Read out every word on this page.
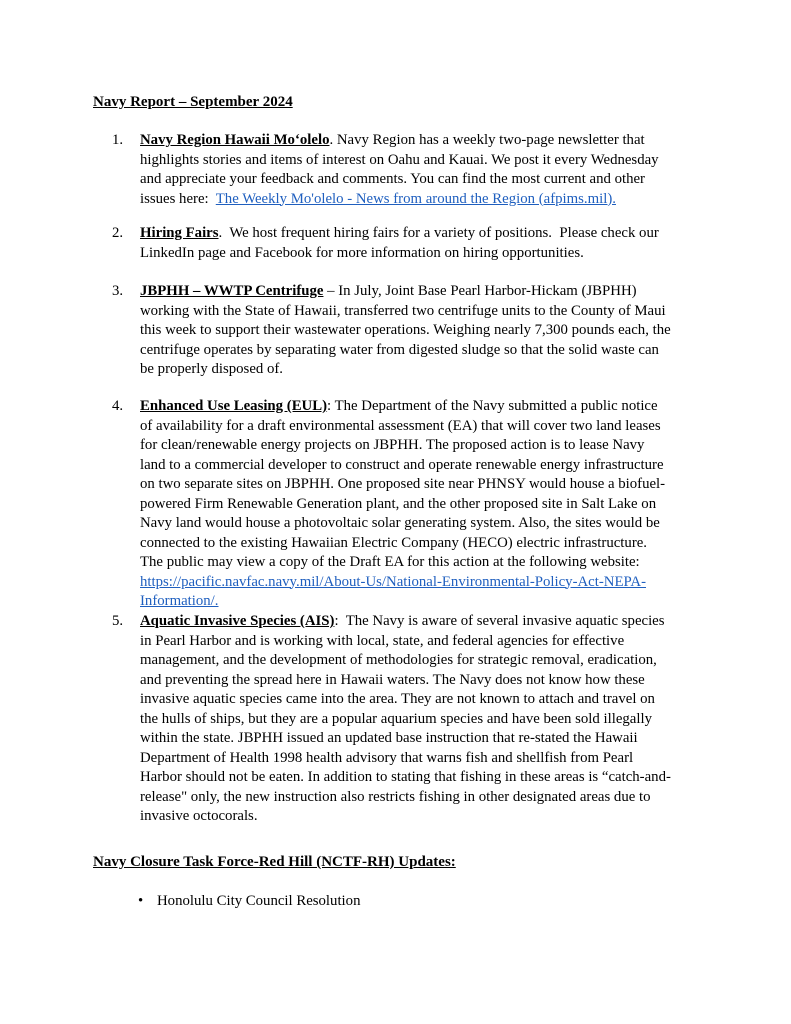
Navy Report – September 2024
1.	Navy Region Hawaii Mo‘olelo. Navy Region has a weekly two-page newsletter that
highlights stories and items of interest on Oahu and Kauai. We post it every Wednesday
and appreciate your feedback and comments. You can find the most current and other
issues here:  The Weekly Mo'olelo - News from around the Region (afpims.mil).
2.	Hiring Fairs.  We host frequent hiring fairs for a variety of positions.  Please check our
LinkedIn page and Facebook for more information on hiring opportunities.
3.	JBPHH – WWTP Centrifuge – In July, Joint Base Pearl Harbor-Hickam (JBPHH)
working with the State of Hawaii, transferred two centrifuge units to the County of Maui
this week to support their wastewater operations. Weighing nearly 7,300 pounds each, the
centrifuge operates by separating water from digested sludge so that the solid waste can
be properly disposed of.
4.	Enhanced Use Leasing (EUL): The Department of the Navy submitted a public notice
of availability for a draft environmental assessment (EA) that will cover two land leases
for clean/renewable energy projects on JBPHH. The proposed action is to lease Navy
land to a commercial developer to construct and operate renewable energy infrastructure
on two separate sites on JBPHH. One proposed site near PHNSY would house a biofuel-
powered Firm Renewable Generation plant, and the other proposed site in Salt Lake on
Navy land would house a photovoltaic solar generating system. Also, the sites would be
connected to the existing Hawaiian Electric Company (HECO) electric infrastructure.
The public may view a copy of the Draft EA for this action at the following website:
https://pacific.navfac.navy.mil/About-Us/National-Environmental-Policy-Act-NEPA-
Information/.
5.	Aquatic Invasive Species (AIS):  The Navy is aware of several invasive aquatic species
in Pearl Harbor and is working with local, state, and federal agencies for effective
management, and the development of methodologies for strategic removal, eradication,
and preventing the spread here in Hawaii waters. The Navy does not know how these
invasive aquatic species came into the area. They are not known to attach and travel on
the hulls of ships, but they are a popular aquarium species and have been sold illegally
within the state. JBPHH issued an updated base instruction that re-stated the Hawaii
Department of Health 1998 health advisory that warns fish and shellfish from Pearl
Harbor should not be eaten. In addition to stating that fishing in these areas is “catch-and-
release" only, the new instruction also restricts fishing in other designated areas due to
invasive octocorals.
Navy Closure Task Force-Red Hill (NCTF-RH) Updates:
• Honolulu City Council Resolution
